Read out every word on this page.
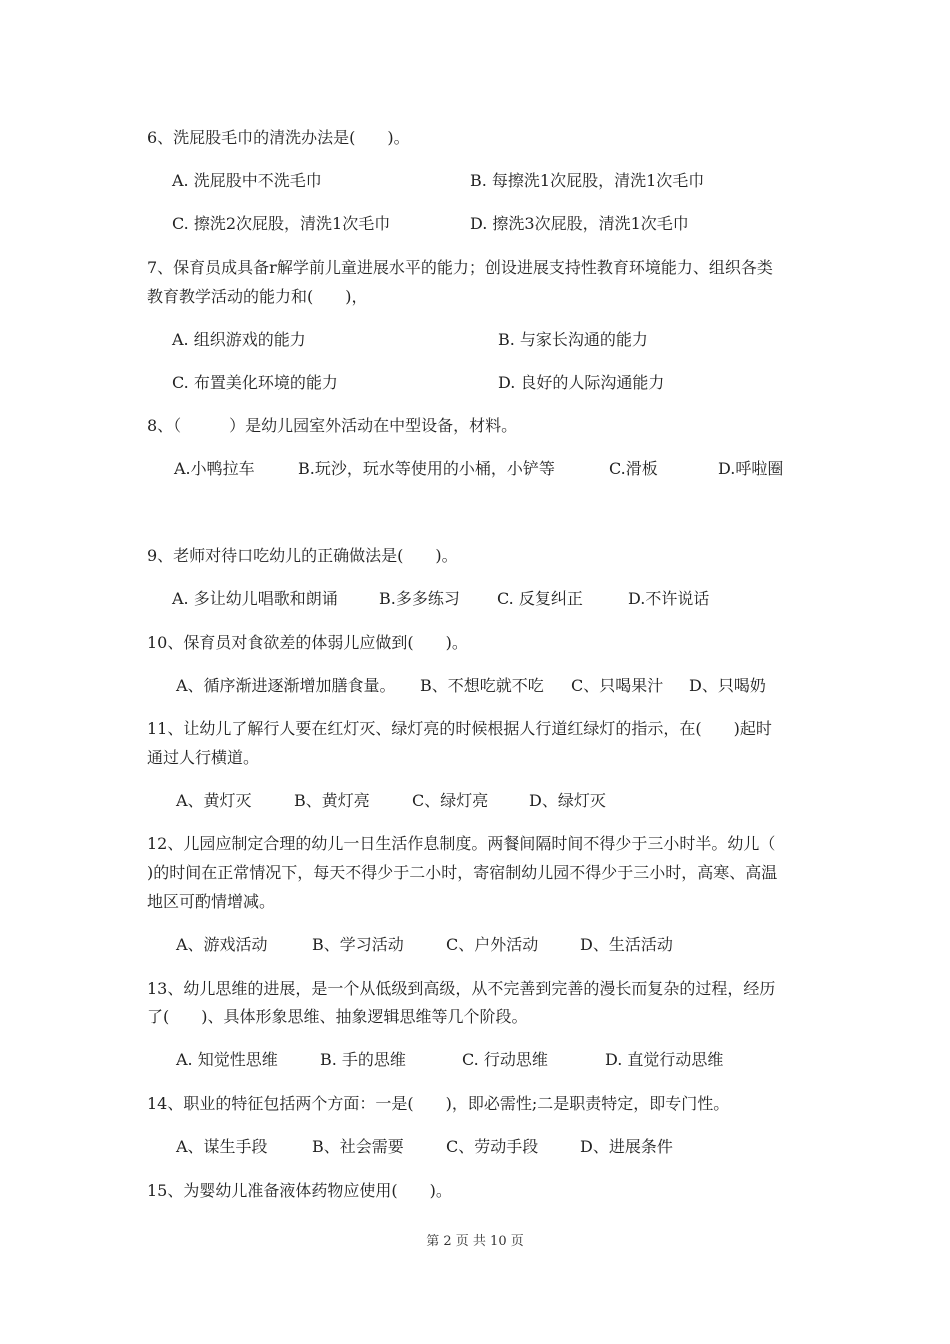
6、洗屁股毛巾的清洗办法是(　　)。
A. 洗屁股中不洗毛巾	B. 每擦洗1次屁股，清洗1次毛巾
C. 擦洗2次屁股，清洗1次毛巾	D. 擦洗3次屁股，清洗1次毛巾
7、保育员成具备r解学前儿童进展水平的能力；创设进展支持性教育环境能力、组织各类
教育教学活动的能力和(　　)，
A. 组织游戏的能力	B. 与家长沟通的能力
C. 布置美化环境的能力	D. 良好的人际沟通能力
8、（　　　）是幼儿园室外活动在中型设备，材料。
A.小鸭拉车	B.玩沙，玩水等使用的小桶，小铲等	C.滑板	D.呼啦圈
9、老师对待口吃幼儿的正确做法是(　　)。
A. 多让幼儿唱歌和朗诵	B.多多练习 C. 反复纠正	D.不许说话
10、保育员对食欲差的体弱儿应做到(　　)。
A、循序渐进逐渐增加膳食量。 B、不想吃就不吃 C、只喝果汁 D、只喝奶
11、让幼儿了解行人要在红灯灭、绿灯亮的时候根据人行道红绿灯的指示，在(　　)起时
通过人行横道。
A、黄灯灭	B、黄灯亮	C、绿灯亮	D、绿灯灭
12、儿园应制定合理的幼儿一日生活作息制度。两餐间隔时间不得少于三小时半。幼儿（
)的时间在正常情况下，每天不得少于二小时，寄宿制幼儿园不得少于三小时，高寒、高温
地区可酌情增减。
A、游戏活动	B、学习活动	C、户外活动	D、生活活动
13、幼儿思维的进展，是一个从低级到高级，从不完善到完善的漫长而复杂的过程，经历
了(　　)、具体形象思维、抽象逻辑思维等几个阶段。
A. 知觉性思维	B. 手的思维	C. 行动思维	D. 直觉行动思维
14、职业的特征包括两个方面：一是(　　)，即必需性;二是职责特定，即专门性。
A、谋生手段	B、社会需要	C、劳动手段	D、进展条件
15、为婴幼儿准备液体药物应使用(　　)。
第 2 页 共 10 页
